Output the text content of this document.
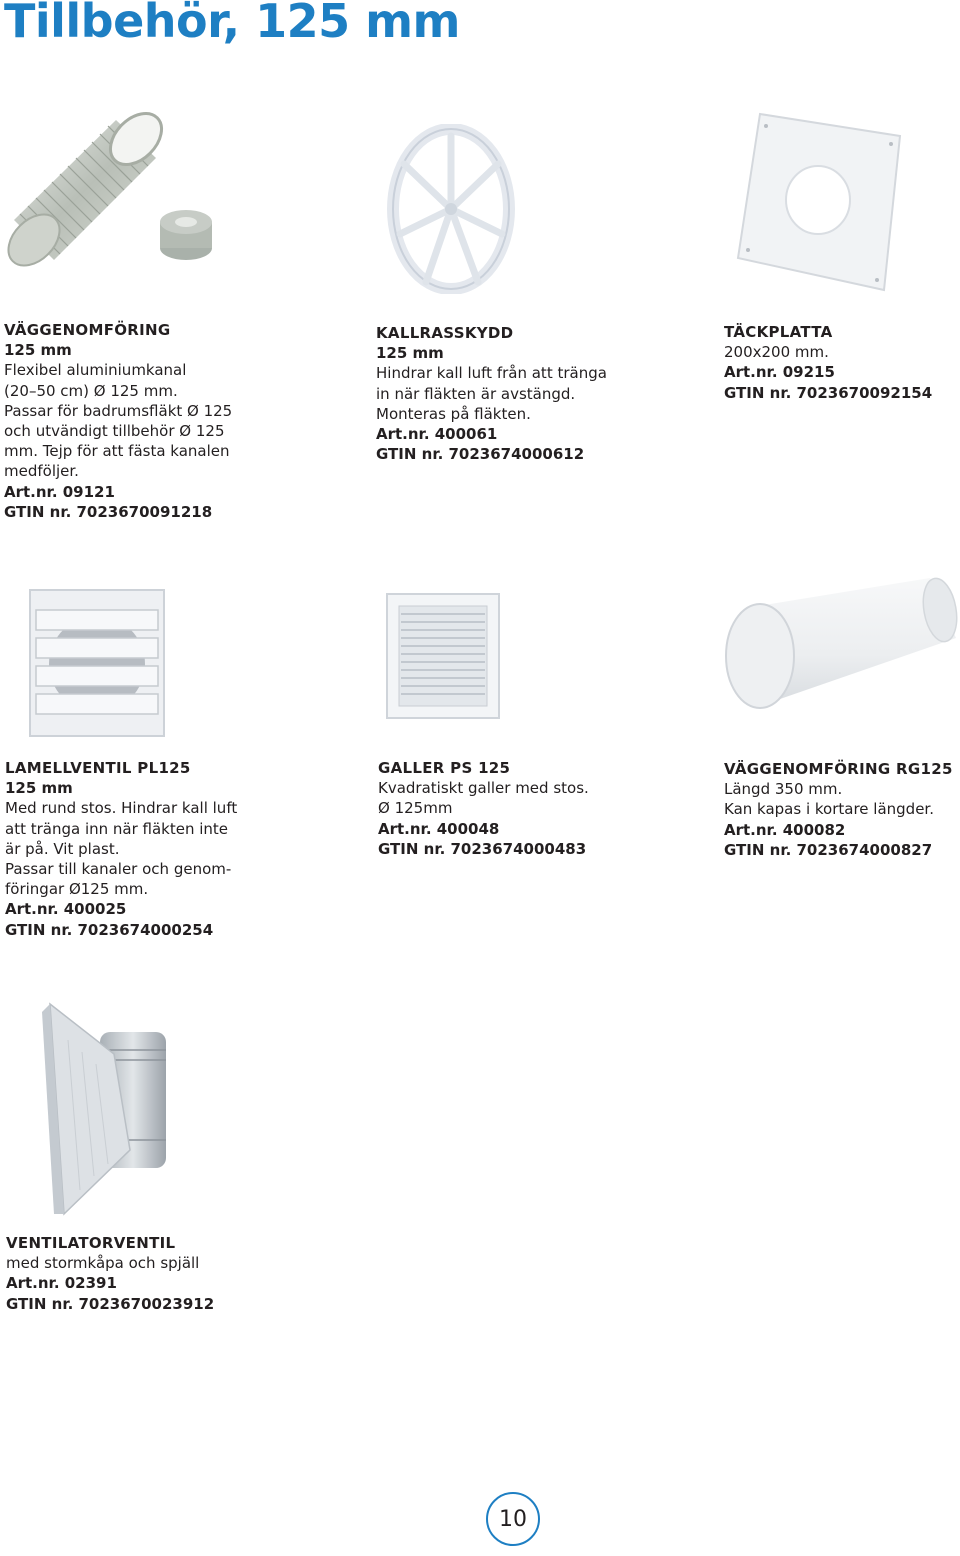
Tillbehör, 125 mm
VÄGGENOMFÖRING
125 mm
Flexibel aluminiumkanal
(20–50 cm) Ø 125 mm.
Passar för badrumsfläkt Ø 125
och utvändigt tillbehör Ø 125
mm. Tejp för att fästa kanalen
medföljer.
Art.nr. 09121
GTIN nr. 7023670091218
KALLRASSKYDD
125 mm
Hindrar kall luft från att tränga
in när fläkten är avstängd.
Monteras på fläkten.
Art.nr. 400061
GTIN nr. 7023674000612
TÄCKPLATTA
200x200 mm.
Art.nr. 09215
GTIN nr. 7023670092154
LAMELLVENTIL PL125
125 mm
Med rund stos. Hindrar kall luft
att tränga inn när fläkten inte
är på. Vit plast.
Passar till kanaler och genom-
föringar Ø125 mm.
Art.nr. 400025
GTIN nr. 7023674000254
GALLER PS 125
Kvadratiskt galler med stos.
Ø 125mm
Art.nr. 400048
GTIN nr. 7023674000483
VÄGGENOMFÖRING RG125
Längd 350 mm.
Kan kapas i kortare längder.
Art.nr. 400082
GTIN nr. 7023674000827
VENTILATORVENTIL
med stormkåpa och spjäll
Art.nr. 02391
GTIN nr. 7023670023912
10
